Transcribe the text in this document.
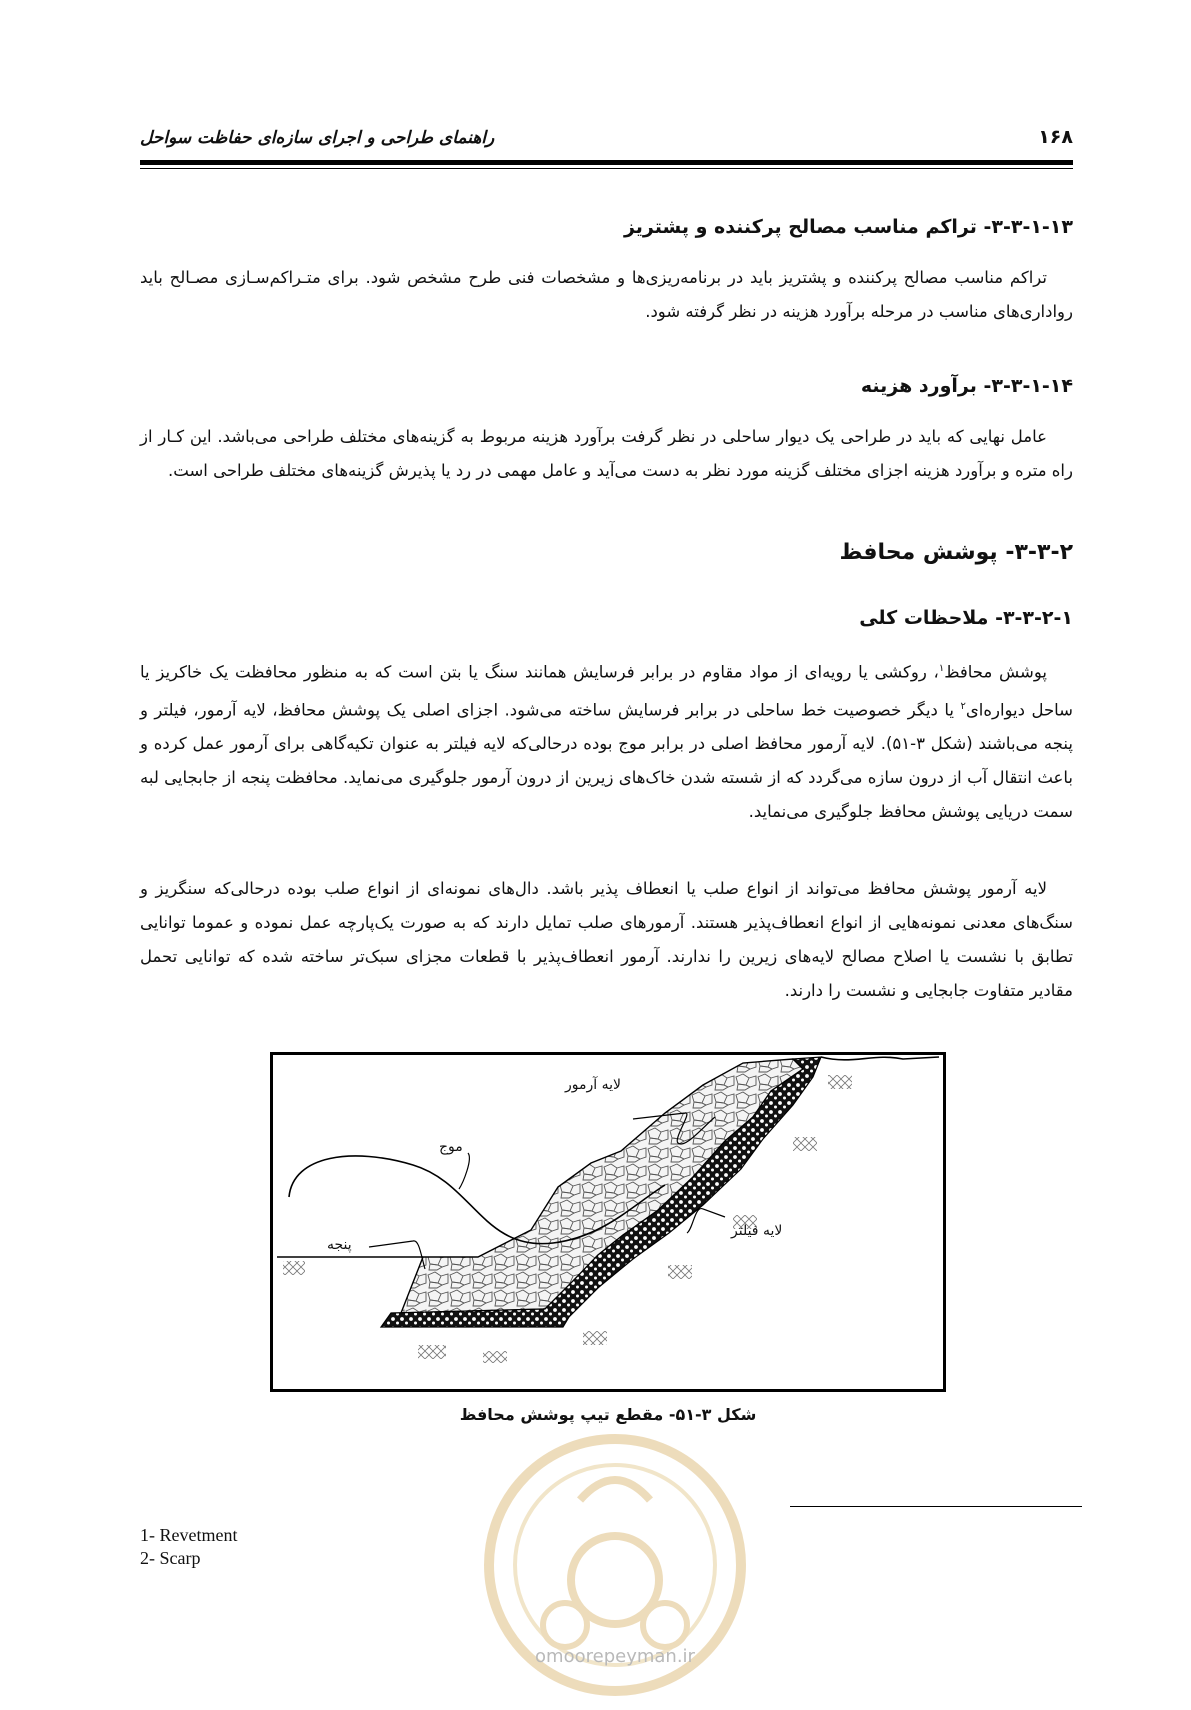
۱۶۸
راهنمای طراحی و اجرای سازه‌ای حفاظت سواحل
۳-۳-۱-۱۳- تراکم مناسب مصالح پرکننده و پشتریز
تراکم مناسب مصالح پرکننده و پشتریز باید در برنامه‌ریزی‌ها و مشخصات فنی طرح مشخص شود. برای متـراکم‌سـازی مصـالح باید رواداری‌های مناسب در مرحله برآورد هزینه در نظر گرفته شود.
۳-۳-۱-۱۴- برآورد هزینه
عامل نهایی که باید در طراحی یک دیوار ساحلی در نظر گرفت برآورد هزینه مربوط به گزینه‌های مختلف طراحی می‌باشد. این کـار از راه متره و برآورد هزینه اجزای مختلف گزینه مورد نظر به دست می‌آید و عامل مهمی در رد یا پذیرش گزینه‌های مختلف طراحی است.
۳-۳-۲- پوشش محافظ
۳-۳-۲-۱- ملاحظات کلی
پوشش محافظ$^۱$، روکشی یا رویه‌ای از مواد مقاوم در برابر فرسایش همانند سنگ یا بتن است که به منظور محافظت یک خاکریز یا ساحل دیواره‌ای$^۲$ یا دیگر خصوصیت خط ساحلی در برابر فرسایش ساخته می‌شود. اجزای اصلی یک پوشش محافظ، لایه آرمور، فیلتر و پنجه می‌باشند (شکل ۳-۵۱). لایه آرمور محافظ اصلی در برابر موج بوده درحالی‌که لایه فیلتر به عنوان تکیه‌گاهی برای آرمور عمل کرده و باعث انتقال آب از درون سازه می‌گردد که از شسته شدن خاک‌های زیرین از درون آرمور جلوگیری می‌نماید. محافظت پنجه از جابجایی لبه سمت دریایی پوشش محافظ جلوگیری می‌نماید.
لایه آرمور پوشش محافظ می‌تواند از انواع صلب یا انعطاف پذیر باشد. دال‌های نمونه‌ای از انواع صلب بوده درحالی‌که سنگریز و سنگ‌های معدنی نمونه‌هایی از انواع انعطاف‌پذیر هستند. آرمورهای صلب تمایل دارند که به صورت یک‌پارچه عمل نموده و عموما توانایی تطابق با نشست یا اصلاح مصالح لایه‌های زیرین را ندارند. آرمور انعطاف‌پذیر با قطعات مجزای سبک‌تر ساخته شده که توانایی تحمل مقادیر متفاوت جابجایی و نشست را دارند.
لایه آرمور
موج
لایه فیلتر
پنجه
شکل ۳-۵۱- مقطع تیپ پوشش محافظ
omoorepeyman.ir
1- Revetment
2- Scarp
